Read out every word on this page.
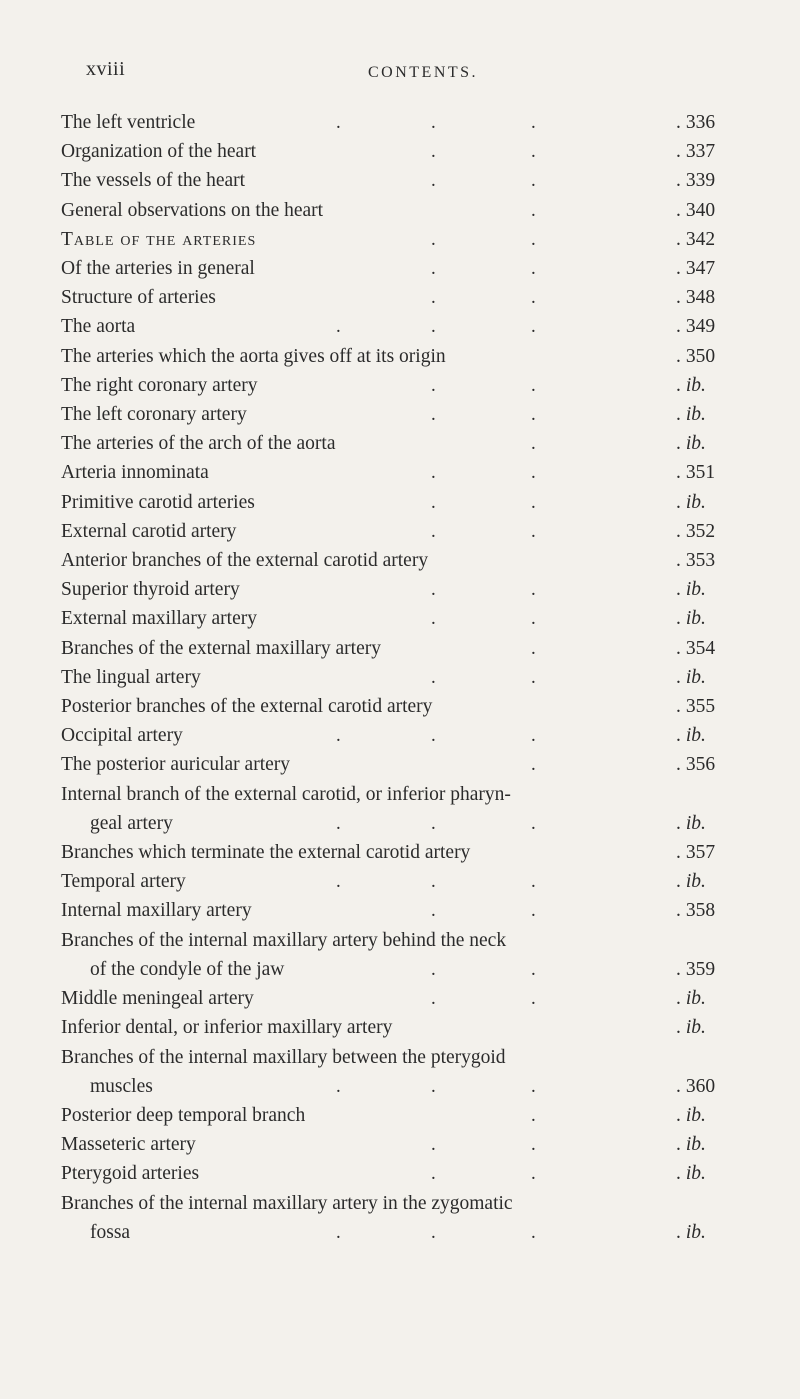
xviii	CONTENTS.
The left ventricle	.	.	.	. 336
Organization of the heart	.	.	. 337
The vessels of the heart	.	.	. 339
General observations on the heart	.	. 340
Table of the arteries	.	.	. 342
Of the arteries in general	.	.	. 347
Structure of arteries	.	.	. 348
The aorta	.	.	.	. 349
The arteries which the aorta gives off at its origin	. 350
The right coronary artery	.	.	. ib.
The left coronary artery	.	.	. ib.
The arteries of the arch of the aorta	.	. ib.
Arteria innominata	.	.	. 351
Primitive carotid arteries	.	.	. ib.
External carotid artery	.	.	. 352
Anterior branches of the external carotid artery	. 353
Superior thyroid artery	.	.	. ib.
External maxillary artery	.	.	. ib.
Branches of the external maxillary artery	.	. 354
The lingual artery	.	.	. ib.
Posterior branches of the external carotid artery	. 355
Occipital artery	.	.	.	. ib.
The posterior auricular artery	.	. 356
Internal branch of the external carotid, or inferior pharyn-
geal artery	.	.	.	. ib.
Branches which terminate the external carotid artery	. 357
Temporal artery	.	.	.	. ib.
Internal maxillary artery	.	.	. 358
Branches of the internal maxillary artery behind the neck
of the condyle of the jaw	.	.	. 359
Middle meningeal artery	.	.	. ib.
Inferior dental, or inferior maxillary artery	. ib.
Branches of the internal maxillary between the pterygoid
muscles	.	.	.	. 360
Posterior deep temporal branch	.	. ib.
Masseteric artery	.	.	. ib.
Pterygoid arteries	.	.	. ib.
Branches of the internal maxillary artery in the zygomatic
fossa	.	.	.	. ib.
